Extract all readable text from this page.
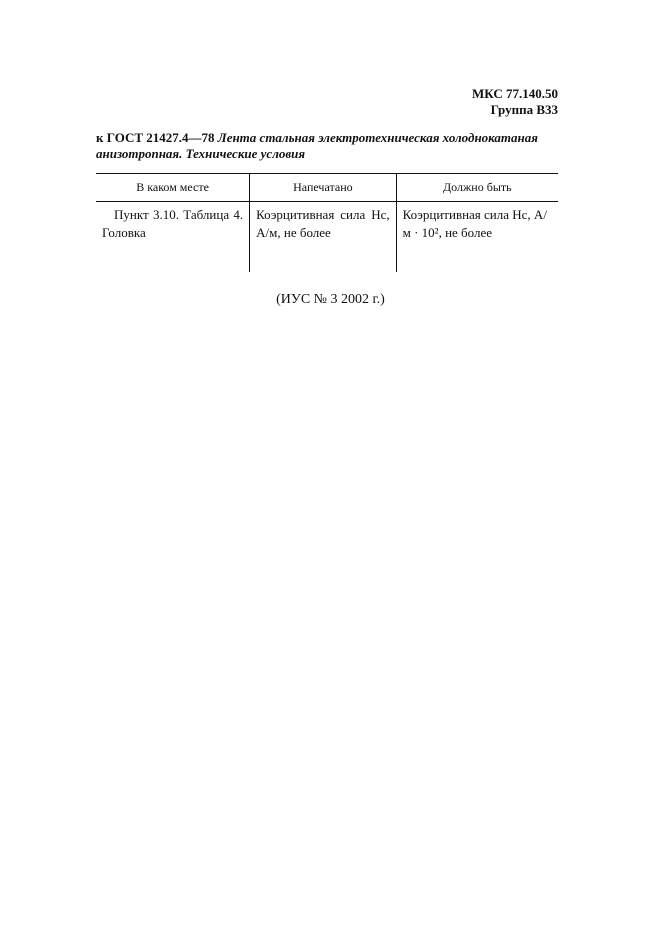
МКС 77.140.50
Группа В33
к ГОСТ 21427.4—78 Лента стальная электротехническая холоднокатаная анизотропная. Технические условия
В каком месте	Напечатано	Должно быть
Пункт 3.10. Таблица 4. Головка	Коэрцитивная сила Hc, А/м, не более	Коэрцитивная сила Hc, А/м · 10², не более
(ИУС № 3 2002 г.)
